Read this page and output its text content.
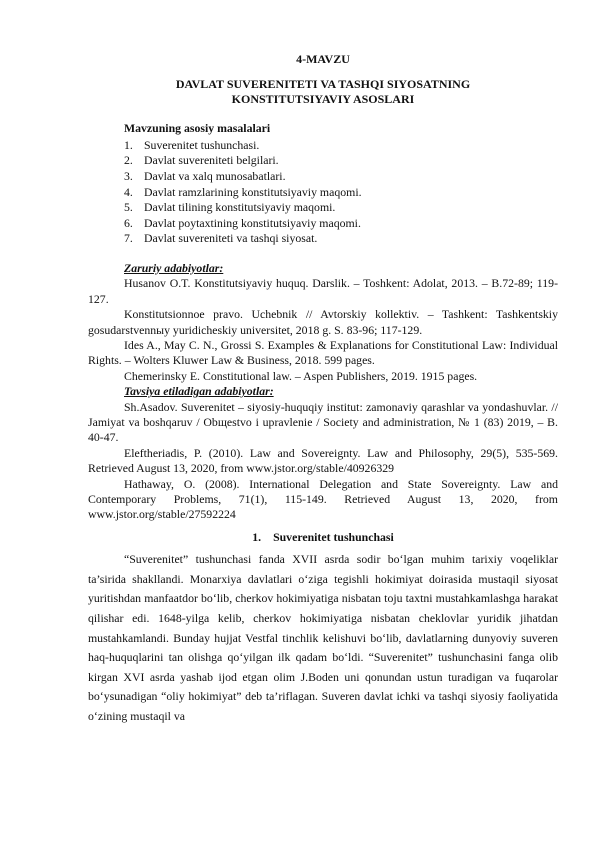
4-MAVZU
DAVLAT SUVERENITETI VA TASHQI SIYOSATNING
KONSTITUTSIYAVIY ASOSLARI
Mavzuning asosiy masalalari
1. Suverenitet tushunchasi.
2. Davlat suvereniteti belgilari.
3. Davlat va xalq munosabatlari.
4. Davlat ramzlarining konstitutsiyaviy maqomi.
5. Davlat tilining konstitutsiyaviy maqomi.
6. Davlat poytaxtining konstitutsiyaviy maqomi.
7. Davlat suvereniteti va tashqi siyosat.
Zaruriy adabiyotlar:

Husanov O.T. Konstitutsiyaviy huquq. Darslik. – Toshkent: Adolat, 2013. – B.72-89; 119-127.

Konstitutsionnoe pravo. Uchebnik // Avtorskiy kollektiv. – Tashkent: Tashkentskiy gosudarstvennыy yuridicheskiy universitet, 2018 g. S. 83-96; 117-129.

Ides A., May C. N., Grossi S. Examples & Explanations for Constitutional Law: Individual Rights. – Wolters Kluwer Law & Business, 2018. 599 pages.

Chemerinsky E. Constitutional law. – Aspen Publishers, 2019. 1915 pages.

Tavsiya etiladigan adabiyotlar:

Sh.Asadov. Suverenitet – siyosiy-huquqiy institut: zamonaviy qarashlar va yondashuvlar. // Jamiyat va boshqaruv / Obщestvo i upravlenie / Society and administration, № 1 (83) 2019, – B. 40-47.

Eleftheriadis, P. (2010). Law and Sovereignty. Law and Philosophy, 29(5), 535-569. Retrieved August 13, 2020, from www.jstor.org/stable/40926329

Hathaway, O. (2008). International Delegation and State Sovereignty. Law and Contemporary Problems, 71(1), 115-149. Retrieved August 13, 2020, from www.jstor.org/stable/27592224

1. Suverenitet tushunchasi

“Suverenitet” tushunchasi fanda XVII asrda sodir bo‘lgan muhim tarixiy voqeliklar ta’sirida shakllandi. Monarxiya davlatlari o‘ziga tegishli hokimiyat doirasida mustaqil siyosat yuritishdan manfaatdor bo‘lib, cherkov hokimiyatiga nisbatan toju taxtni mustahkamlashga harakat qilishar edi. 1648-yilga kelib, cherkov hokimiyatiga nisbatan cheklovlar yuridik jihatdan mustahkamlandi. Bunday hujjat Vestfal tinchlik kelishuvi bo‘lib, davlatlarning dunyoviy suveren haq-huquqlarini tan olishga qo‘yilgan ilk qadam bo‘ldi. “Suverenitet” tushunchasini fanga olib kirgan XVI asrda yashab ijod etgan olim J.Boden uni qonundan ustun turadigan va fuqarolar bo‘ysunadigan “oliy hokimiyat” deb ta’riflagan. Suveren davlat ichki va tashqi siyosiy faoliyatida o‘zining mustaqil va
